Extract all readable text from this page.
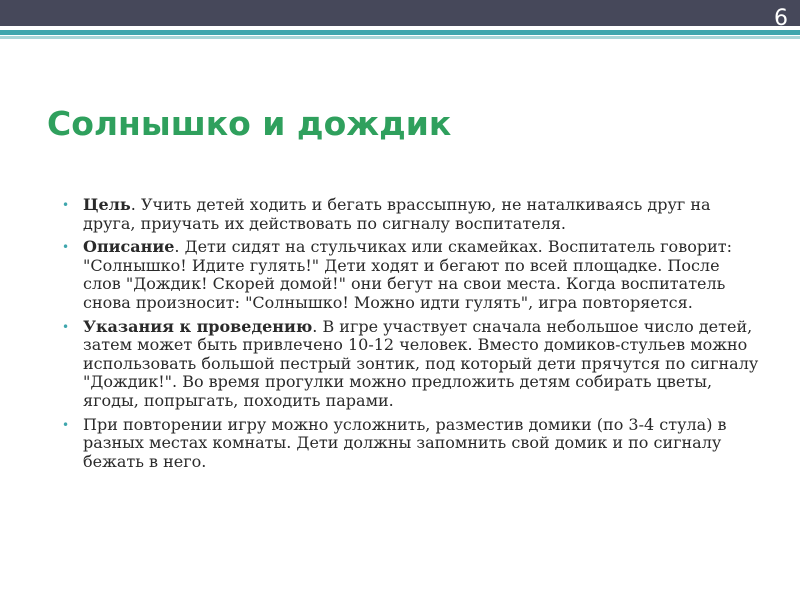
6
Солнышко и дождик
• Цель. Учить детей ходить и бегать врассыпную, не наталкиваясь друг на друга, приучать их действовать по сигналу воспитателя.
• Описание. Дети сидят на стульчиках или скамейках. Воспитатель говорит: "Солнышко! Идите гулять!" Дети ходят и бегают по всей площадке. После слов "Дождик! Скорей домой!" они бегут на свои места. Когда воспитатель снова произносит: "Солнышко! Можно идти гулять", игра повторяется.
• Указания к проведению. В игре участвует сначала небольшое число детей, затем может быть привлечено 10-12 человек. Вместо домиков-стульев можно использовать большой пестрый зонтик, под который дети прячутся по сигналу "Дождик!". Во время прогулки можно предложить детям собирать цветы, ягоды, попрыгать, походить парами.
• При повторении игру можно усложнить, разместив домики (по 3-4 стула) в разных местах комнаты. Дети должны запомнить свой домик и по сигналу бежать в него.
